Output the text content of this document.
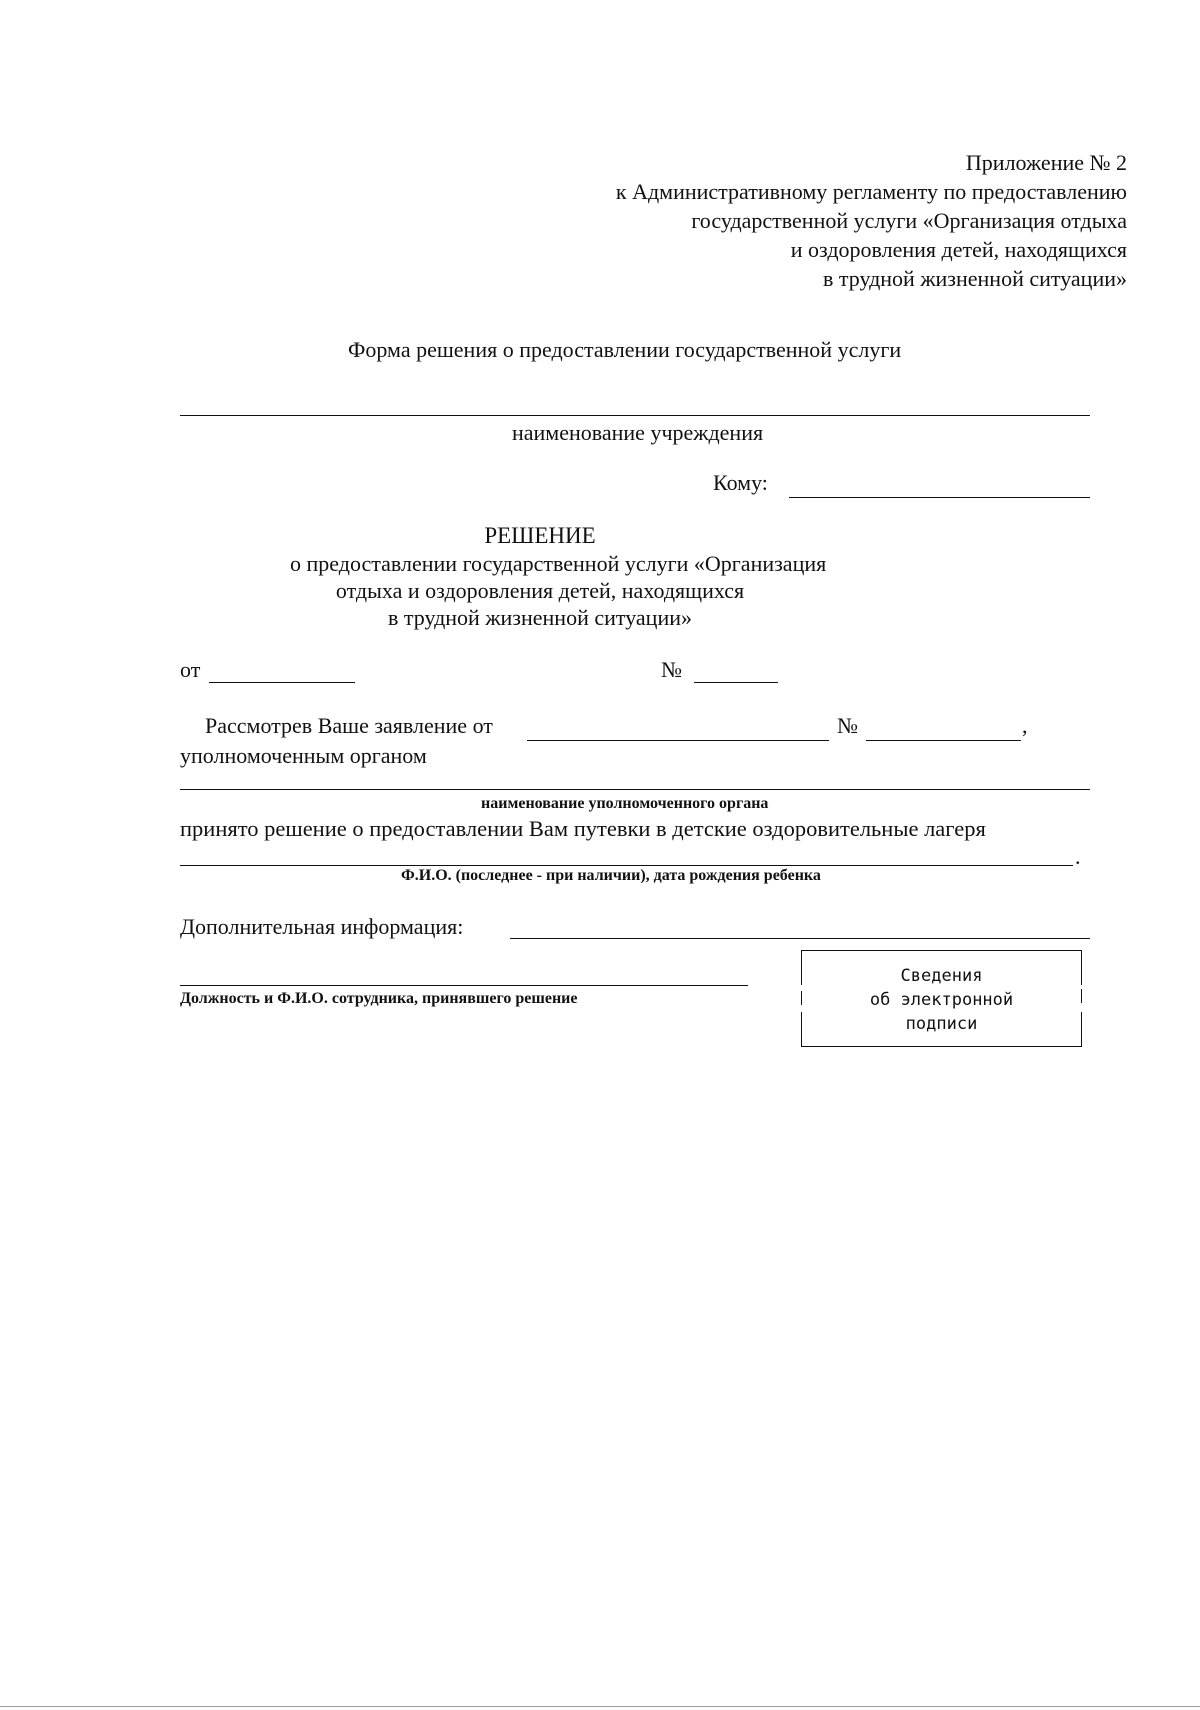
Приложение № 2
к Административному регламенту по предоставлению
государственной услуги «Организация отдыха
и оздоровления детей, находящихся
в трудной жизненной ситуации»
Форма решения о предоставлении государственной услуги
наименование учреждения
Кому:
РЕШЕНИЕ
о предоставлении государственной услуги «Организация
отдыха и оздоровления детей, находящихся
в трудной жизненной ситуации»
от	№
Рассмотрев Ваше заявление от	№	,
уполномоченным органом
наименование уполномоченного органа
принято решение о предоставлении Вам путевки в детские оздоровительные лагеря
.
Ф.И.О. (последнее - при наличии), дата рождения ребенка
Дополнительная информация:
Должность и Ф.И.О. сотрудника, принявшего решение
Сведения
об электронной
подписи
